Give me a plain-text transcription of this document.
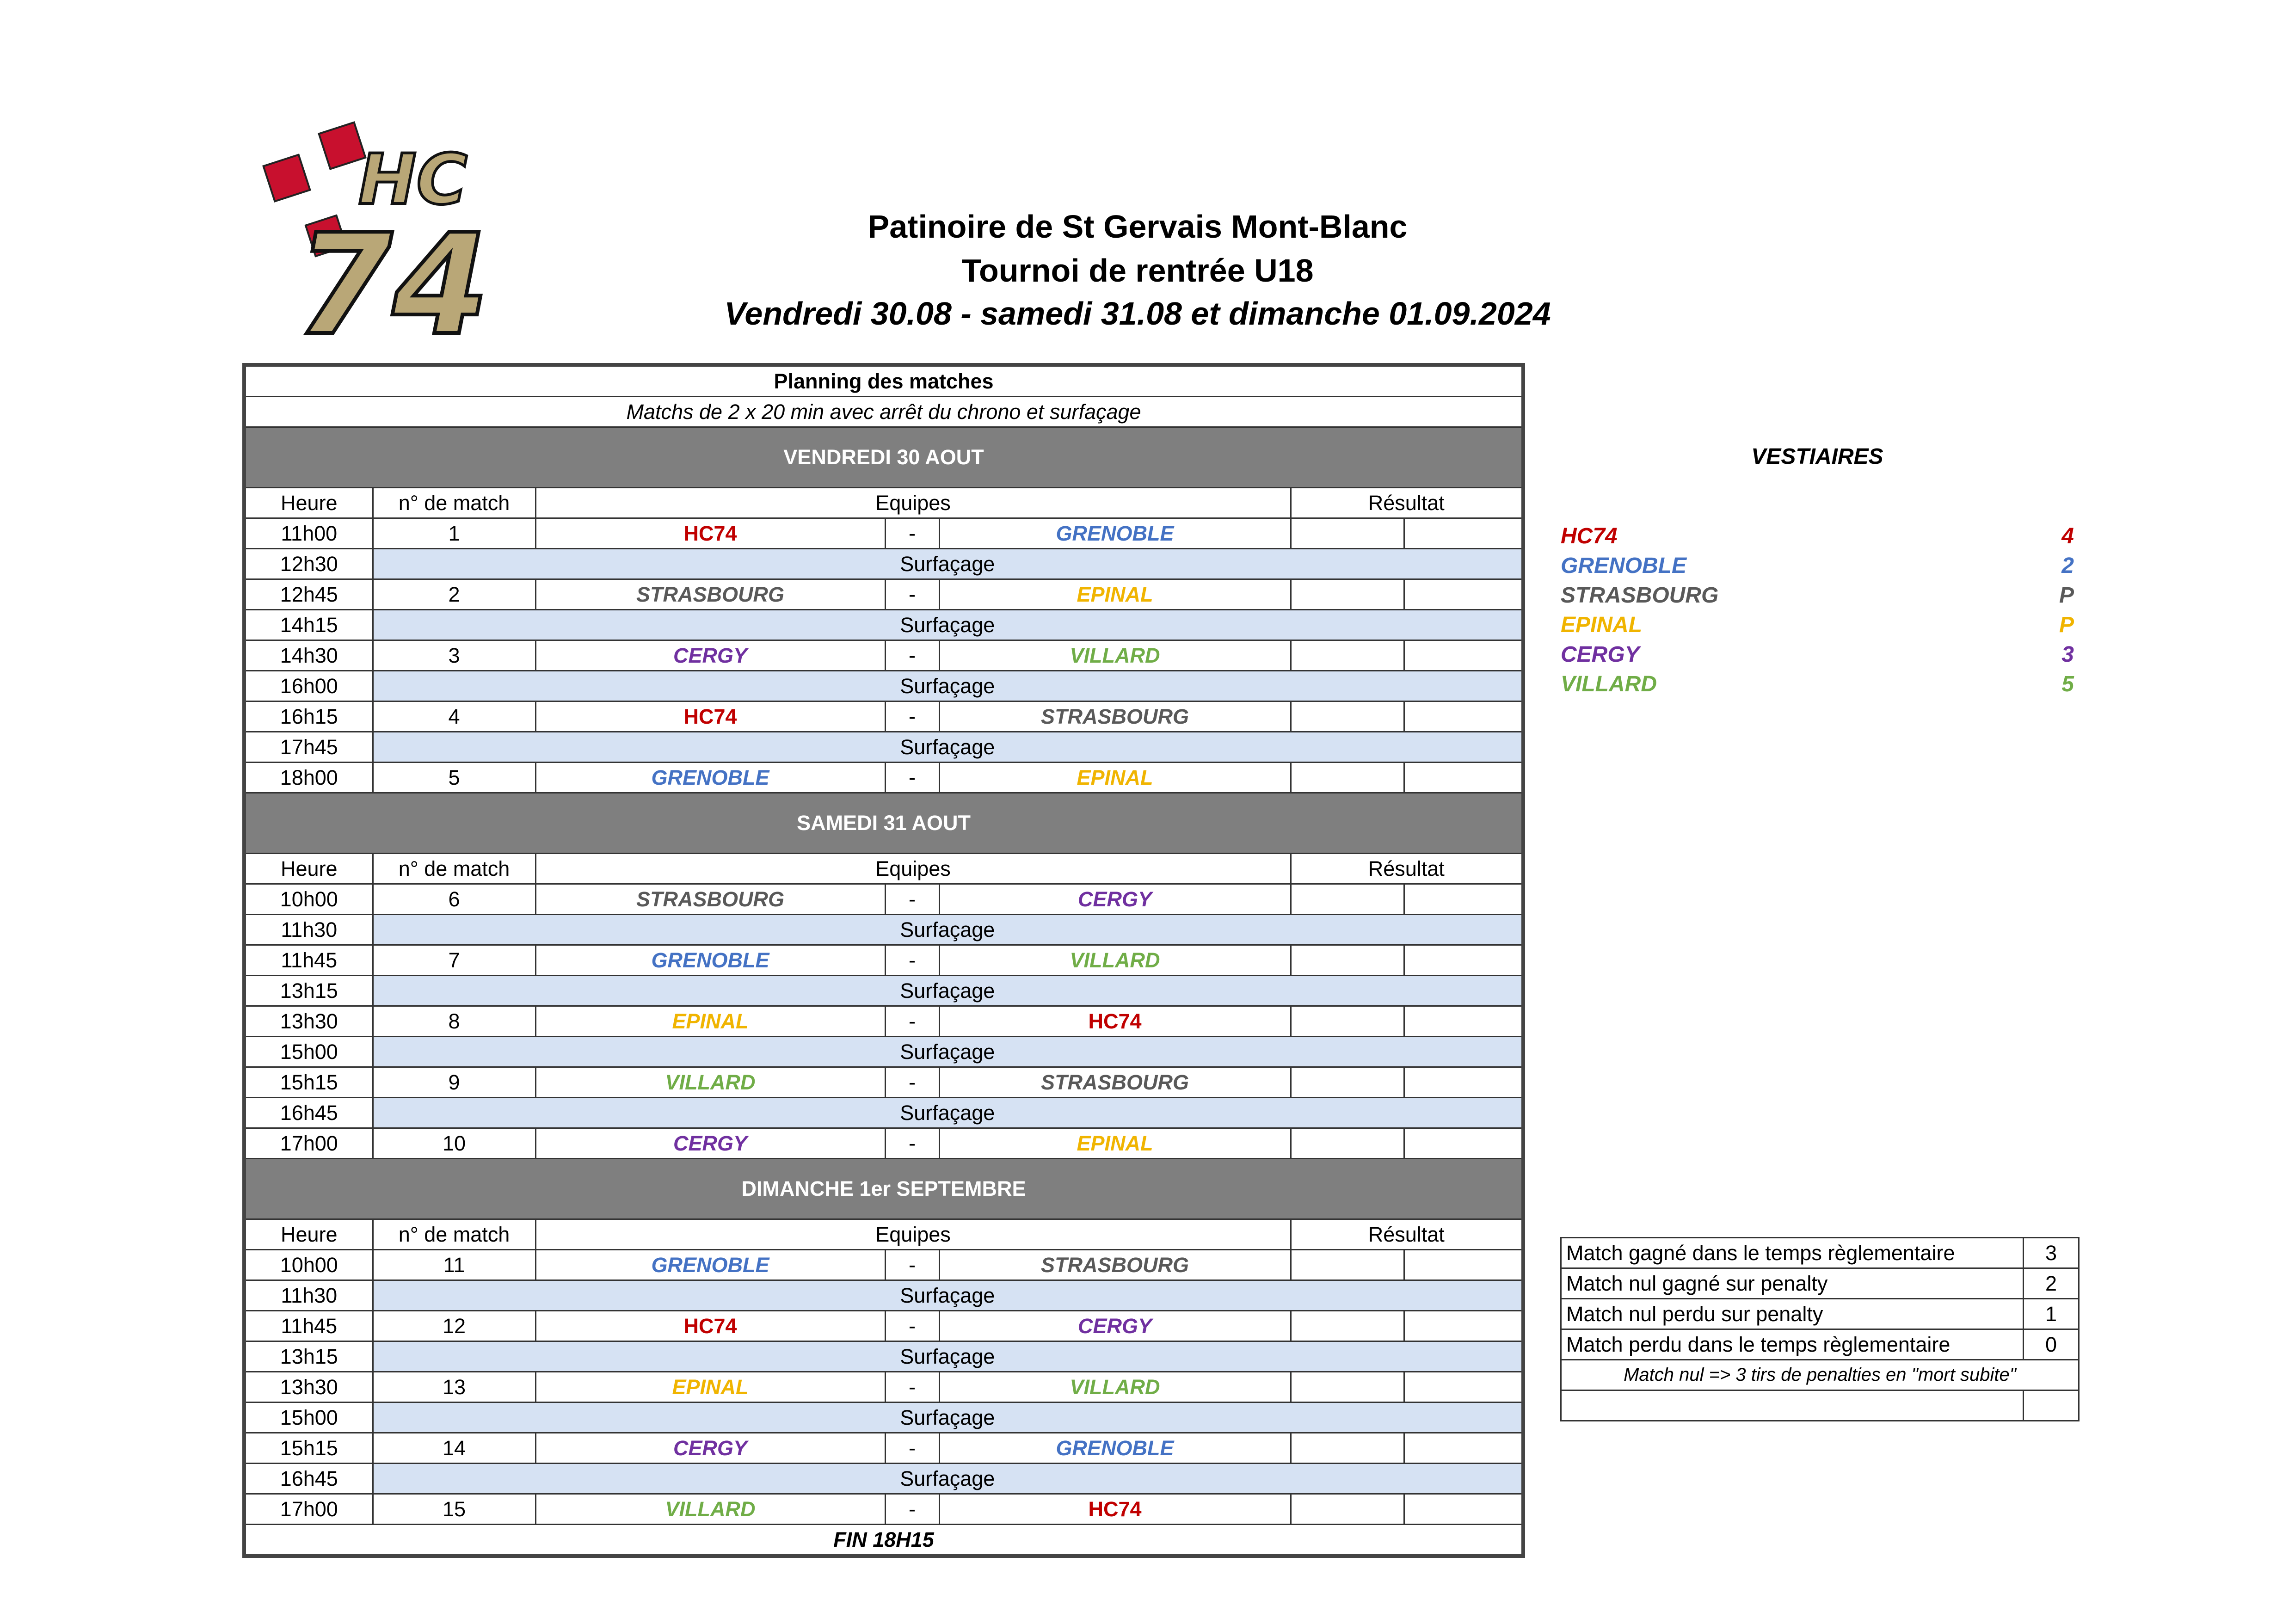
HC
74	Patinoire de St Gervais Mont-Blanc
Tournoi de rentrée U18
Vendredi 30.08 - samedi 31.08 et dimanche 01.09.2024
Planning des matches						
Matchs de 2 x 20 min avec arrêt du chrono et surfaçage						
VENDREDI 30 AOUT						
Heure	n° de match	Equipes			Résultat	
11h00	1	HC74	-	GRENOBLE		
12h30	Surfaçage					
12h45	2	STRASBOURG	-	EPINAL		
14h15	Surfaçage					
14h30	3	CERGY	-	VILLARD		
16h00	Surfaçage					
16h15	4	HC74	-	STRASBOURG		
17h45	Surfaçage					
18h00	5	GRENOBLE	-	EPINAL		
SAMEDI 31 AOUT						
Heure	n° de match	Equipes			Résultat	
10h00	6	STRASBOURG	-	CERGY		
11h30	Surfaçage					
11h45	7	GRENOBLE	-	VILLARD		
13h15	Surfaçage					
13h30	8	EPINAL	-	HC74		
15h00	Surfaçage					
15h15	9	VILLARD	-	STRASBOURG		
16h45	Surfaçage					
17h00	10	CERGY	-	EPINAL		
DIMANCHE 1er SEPTEMBRE						
Heure	n° de match	Equipes			Résultat	
10h00	11	GRENOBLE	-	STRASBOURG		
11h30	Surfaçage					
11h45	12	HC74	-	CERGY		
13h15	Surfaçage					
13h30	13	EPINAL	-	VILLARD		
15h00	Surfaçage					
15h15	14	CERGY	-	GRENOBLE		
16h45	Surfaçage					
17h00	15	VILLARD	-	HC74		
FIN 18H15						
VESTIAIRES
HC74	4
GRENOBLE	2
STRASBOURG	P
EPINAL	P
CERGY	3
VILLARD	5
Match gagné dans le temps règlementaire	3
Match nul gagné sur penalty	2
Match nul perdu sur penalty	1
Match perdu dans le temps règlementaire	0
Match nul => 3 tirs de penalties en "mort subite"	
